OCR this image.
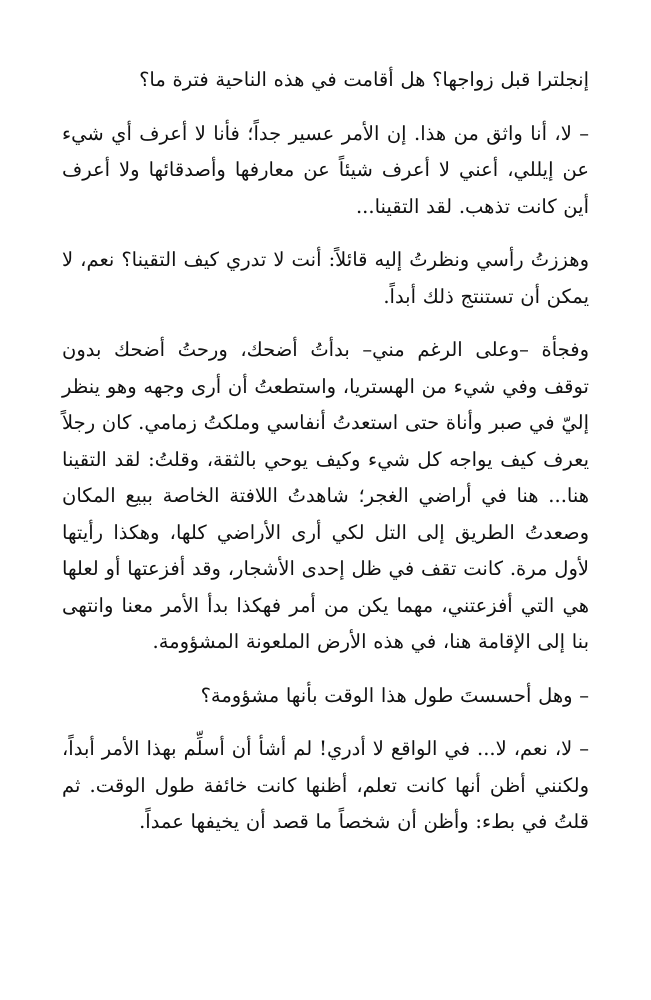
إنجلترا قبل زواجها؟ هل أقامت في هذه الناحية فترة ما؟

– لا، أنا واثق من هذا. إن الأمر عسير جداً؛ فأنا لا أعرف أي شيء عن إيللي، أعني لا أعرف شيئاً عن معارفها وأصدقائها ولا أعرف أين كانت تذهب. لقد التقينا...

وهززتُ رأسي ونظرتُ إليه قائلاً: أنت لا تدري كيف التقينا؟ نعم، لا يمكن أن تستنتج ذلك أبداً.

وفجأة –وعلى الرغم مني– بدأتُ أضحك، ورحتُ أضحك بدون توقف وفي شيء من الهستريا، واستطعتُ أن أرى وجهه وهو ينظر إليّ في صبر وأناة حتى استعدتُ أنفاسي وملكتُ زمامي. كان رجلاً يعرف كيف يواجه كل شيء وكيف يوحي بالثقة، وقلتُ: لقد التقينا هنا... هنا في أراضي الغجر؛ شاهدتُ اللافتة الخاصة ببيع المكان وصعدتُ الطريق إلى التل لكي أرى الأراضي كلها، وهكذا رأيتها لأول مرة. كانت تقف في ظل إحدى الأشجار، وقد أفزعتها أو لعلها هي التي أفزعتني، مهما يكن من أمر فهكذا بدأ الأمر معنا وانتهى بنا إلى الإقامة هنا، في هذه الأرض الملعونة المشؤومة.

– وهل أحسستَ طول هذا الوقت بأنها مشؤومة؟

– لا، نعم، لا... في الواقع لا أدري! لم أشأ أن أسلِّم بهذا الأمر أبداً، ولكنني أظن أنها كانت تعلم، أظنها كانت خائفة طول الوقت. ثم قلتُ في بطء: وأظن أن شخصاً ما قصد أن يخيفها عمداً.
